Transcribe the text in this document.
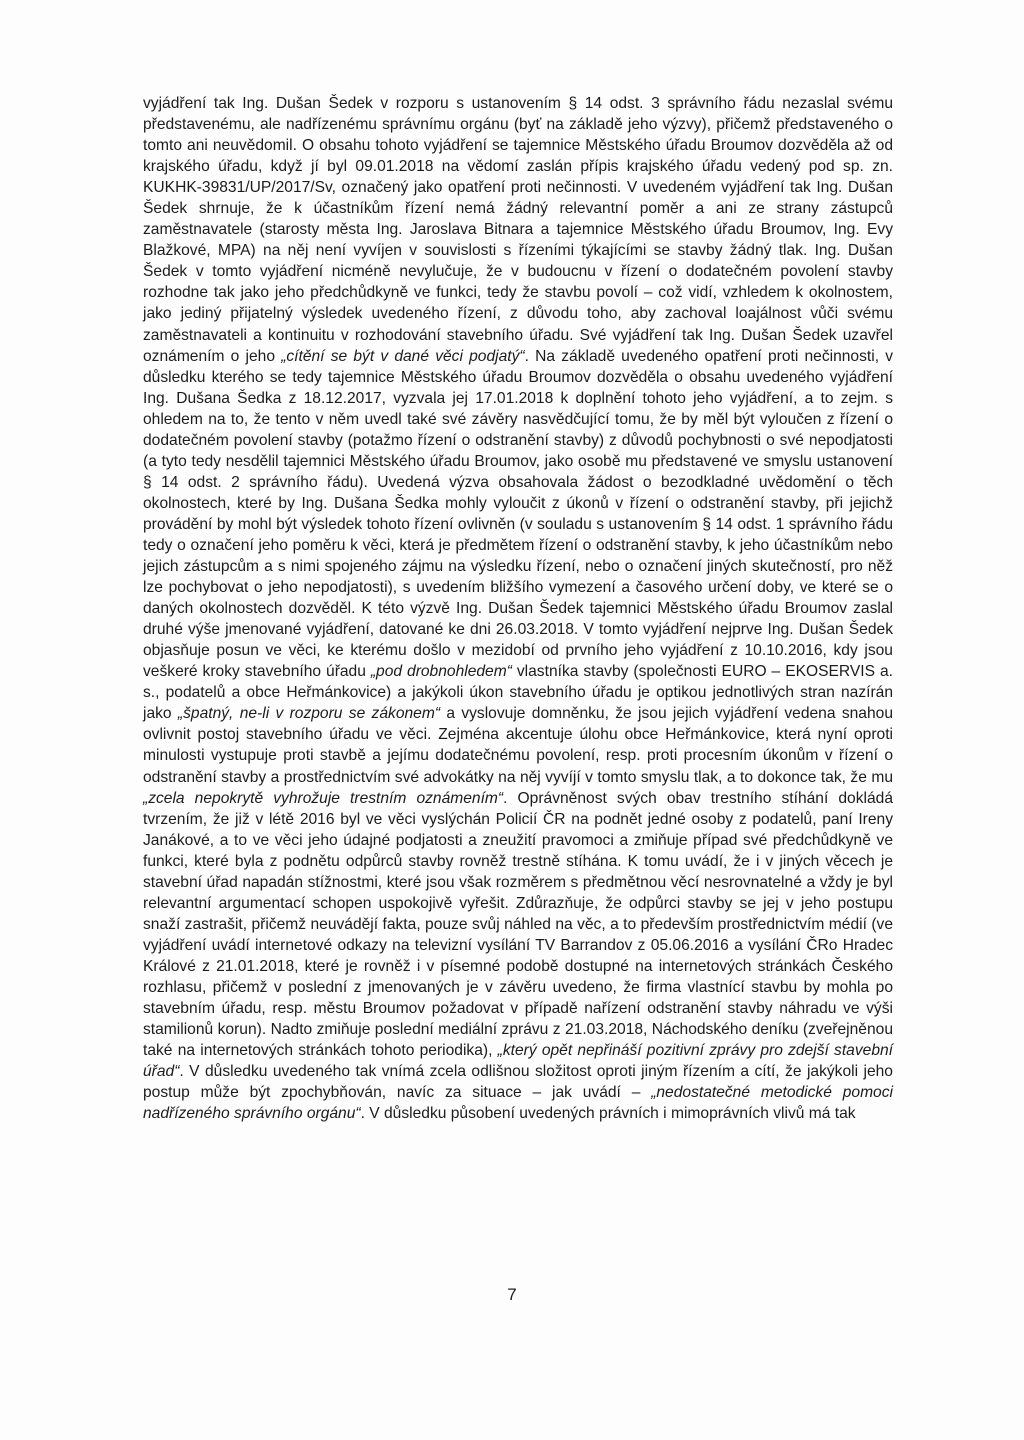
vyjádření tak Ing. Dušan Šedek v rozporu s ustanovením § 14 odst. 3 správního řádu nezaslal svému představenému, ale nadřízenému správnímu orgánu (byť na základě jeho výzvy), přičemž představeného o tomto ani neuvědomil. O obsahu tohoto vyjádření se tajemnice Městského úřadu Broumov dozvěděla až od krajského úřadu, když jí byl 09.01.2018 na vědomí zaslán přípis krajského úřadu vedený pod sp. zn. KUKHK-39831/UP/2017/Sv, označený jako opatření proti nečinnosti. V uvedeném vyjádření tak Ing. Dušan Šedek shrnuje, že k účastníkům řízení nemá žádný relevantní poměr a ani ze strany zástupců zaměstnavatele (starosty města Ing. Jaroslava Bitnara a tajemnice Městského úřadu Broumov, Ing. Evy Blažkové, MPA) na něj není vyvíjen v souvislosti s řízeními týkajícími se stavby žádný tlak. Ing. Dušan Šedek v tomto vyjádření nicméně nevylučuje, že v budoucnu v řízení o dodatečném povolení stavby rozhodne tak jako jeho předchůdkyně ve funkci, tedy že stavbu povolí – což vidí, vzhledem k okolnostem, jako jediný přijatelný výsledek uvedeného řízení, z důvodu toho, aby zachoval loajálnost vůči svému zaměstnavateli a kontinuitu v rozhodování stavebního úřadu. Své vyjádření tak Ing. Dušan Šedek uzavřel oznámením o jeho „cítění se být v dané věci podjatý“. Na základě uvedeného opatření proti nečinnosti, v důsledku kterého se tedy tajemnice Městského úřadu Broumov dozvěděla o obsahu uvedeného vyjádření Ing. Dušana Šedka z 18.12.2017, vyzvala jej 17.01.2018 k doplnění tohoto jeho vyjádření, a to zejm. s ohledem na to, že tento v něm uvedl také své závěry nasvědčující tomu, že by měl být vyloučen z řízení o dodatečném povolení stavby (potažmo řízení o odstranění stavby) z důvodů pochybnosti o své nepodjatosti (a tyto tedy nesdělil tajemnici Městského úřadu Broumov, jako osobě mu představené ve smyslu ustanovení § 14 odst. 2 správního řádu). Uvedená výzva obsahovala žádost o bezodkladné uvědomění o těch okolnostech, které by Ing. Dušana Šedka mohly vyloučit z úkonů v řízení o odstranění stavby, při jejichž provádění by mohl být výsledek tohoto řízení ovlivněn (v souladu s ustanovením § 14 odst. 1 správního řádu tedy o označení jeho poměru k věci, která je předmětem řízení o odstranění stavby, k jeho účastníkům nebo jejich zástupcům a s nimi spojeného zájmu na výsledku řízení, nebo o označení jiných skutečností, pro něž lze pochybovat o jeho nepodjatosti), s uvedením bližšího vymezení a časového určení doby, ve které se o daných okolnostech dozvěděl. K této výzvě Ing. Dušan Šedek tajemnici Městského úřadu Broumov zaslal druhé výše jmenované vyjádření, datované ke dni 26.03.2018. V tomto vyjádření nejprve Ing. Dušan Šedek objasňuje posun ve věci, ke kterému došlo v mezidobí od prvního jeho vyjádření z 10.10.2016, kdy jsou veškeré kroky stavebního úřadu „pod drobnohledem“ vlastníka stavby (společnosti EURO – EKOSERVIS a. s., podatelů a obce Heřmánkovice) a jakýkoli úkon stavebního úřadu je optikou jednotlivých stran nazírán jako „špatný, ne-li v rozporu se zákonem“ a vyslovuje domněnku, že jsou jejich vyjádření vedena snahou ovlivnit postoj stavebního úřadu ve věci. Zejména akcentuje úlohu obce Heřmánkovice, která nyní oproti minulosti vystupuje proti stavbě a jejímu dodatečnému povolení, resp. proti procesním úkonům v řízení o odstranění stavby a prostřednictvím své advokátky na něj vyvíjí v tomto smyslu tlak, a to dokonce tak, že mu „zcela nepokrytě vyhrožuje trestním oznámením“. Oprávněnost svých obav trestního stíhání dokládá tvrzením, že již v létě 2016 byl ve věci vyslýchán Policií ČR na podnět jedné osoby z podatelů, paní Ireny Janákové, a to ve věci jeho údajné podjatosti a zneužití pravomoci a zmiňuje případ své předchůdkyně ve funkci, které byla z podnětu odpůrců stavby rovněž trestně stíhána. K tomu uvádí, že i v jiných věcech je stavební úřad napadán stížnostmi, které jsou však rozměrem s předmětnou věcí nesrovnatelné a vždy je byl relevantní argumentací schopen uspokojivě vyřešit. Zdůrazňuje, že odpůrci stavby se jej v jeho postupu snaží zastrašit, přičemž neuvádějí fakta, pouze svůj náhled na věc, a to především prostřednictvím médií (ve vyjádření uvádí internetové odkazy na televizní vysílání TV Barrandov z 05.06.2016 a vysílání ČRo Hradec Králové z 21.01.2018, které je rovněž i v písemné podobě dostupné na internetových stránkách Českého rozhlasu, přičemž v poslední z jmenovaných je v závěru uvedeno, že firma vlastnící stavbu by mohla po stavebním úřadu, resp. městu Broumov požadovat v případě nařízení odstranění stavby náhradu ve výši stamilionů korun). Nadto zmiňuje poslední mediální zprávu z 21.03.2018, Náchodského deníku (zveřejněnou také na internetových stránkách tohoto periodika), „který opět nepřináší pozitivní zprávy pro zdejší stavební úřad“. V důsledku uvedeného tak vnímá zcela odlišnou složitost oproti jiným řízením a cítí, že jakýkoli jeho postup může být zpochybňován, navíc za situace – jak uvádí – „nedostatečné metodické pomoci nadřízeného správního orgánu“. V důsledku působení uvedených právních i mimoprávních vlivů má tak

7
